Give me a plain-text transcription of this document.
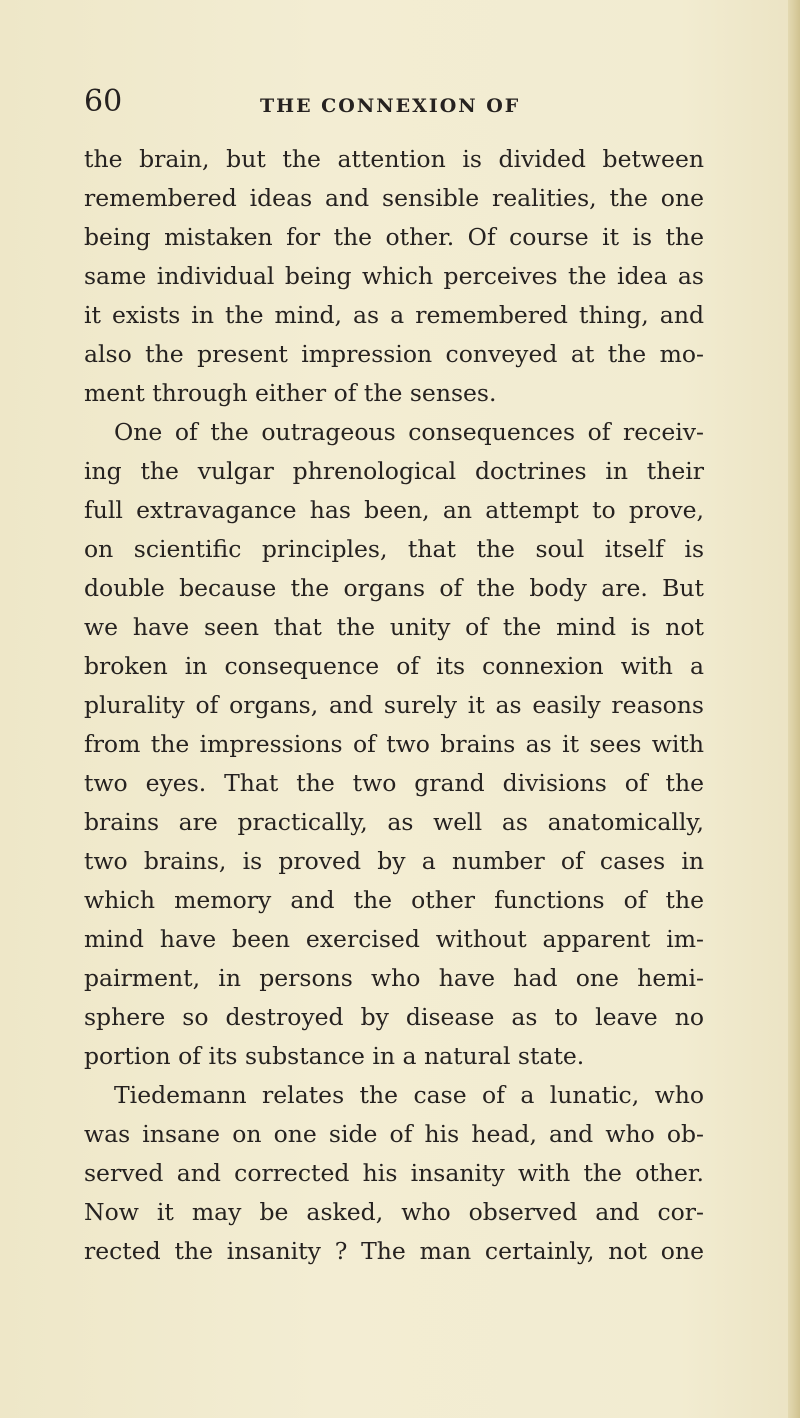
60	THE CONNEXION OF
the brain, but the attention is divided between
remembered ideas and sensible realities, the one
being mistaken for the other. Of course it is the
same individual being which perceives the idea as
it exists in the mind, as a remembered thing, and
also the present impression conveyed at the mo-
ment through either of the senses.
One of the outrageous consequences of receiv-
ing the vulgar phrenological doctrines in their
full extravagance has been, an attempt to prove,
on scientific principles, that the soul itself is
double because the organs of the body are. But
we have seen that the unity of the mind is not
broken in consequence of its connexion with a
plurality of organs, and surely it as easily reasons
from the impressions of two brains as it sees with
two eyes. That the two grand divisions of the
brains are practically, as well as anatomically,
two brains, is proved by a number of cases in
which memory and the other functions of the
mind have been exercised without apparent im-
pairment, in persons who have had one hemi-
sphere so destroyed by disease as to leave no
portion of its substance in a natural state.
Tiedemann relates the case of a lunatic, who
was insane on one side of his head, and who ob-
served and corrected his insanity with the other.
Now it may be asked, who observed and cor-
rected the insanity ? The man certainly, not one
